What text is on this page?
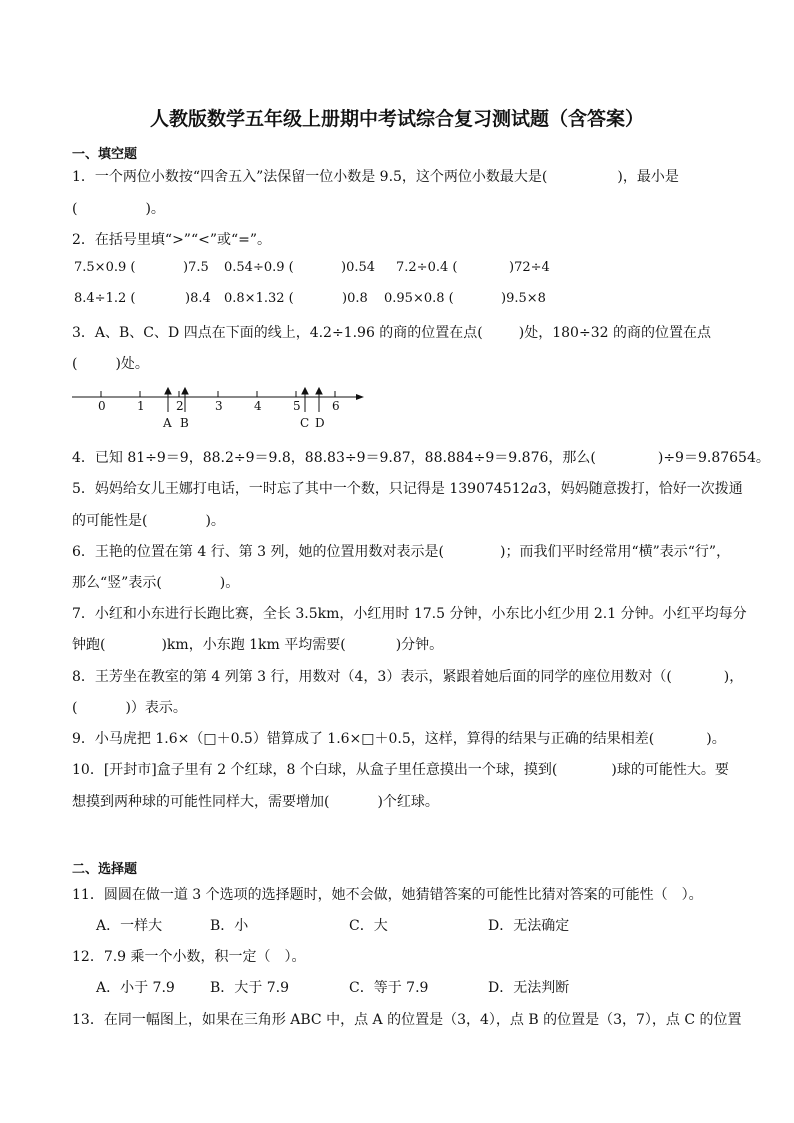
人教版数学五年级上册期中考试综合复习测试题（含答案）
一、填空题
1．一个两位小数按“四舍五入”法保留一位小数是 9.5，这个两位小数最大是(	)，最小是
(	)。
2．在括号里填“>”“<”或“=”。
7.5×0.9 (	)7.5 0.54÷0.9 (	)0.54 7.2÷0.4 (	)72÷4
8.4÷1.2 (	)8.4 0.8×1.32 (	)0.8 0.95×0.8 (	)9.5×8
3．A、B、C、D 四点在下面的线上，4.2÷1.96 的商的位置在点(	)处，180÷32 的商的位置在点
(	)处。
0	1	2	3	4	5	6
A B	C D
4．已知 81÷9＝9，88.2÷9＝9.8，88.83÷9＝9.87，88.884÷9＝9.876，那么(	)÷9＝9.87654。
5．妈妈给女儿王娜打电话，一时忘了其中一个数，只记得是 139074512a3，妈妈随意拨打，恰好一次拨通
的可能性是(	)。
6．王艳的位置在第 4 行、第 3 列，她的位置用数对表示是(	)；而我们平时经常用“横”表示“行”，
那么“竖”表示(	)。
7．小红和小东进行长跑比赛，全长 3.5km，小红用时 17.5 分钟，小东比小红少用 2.1 分钟。小红平均每分
钟跑(	)km，小东跑 1km 平均需要(	)分钟。
8．王芳坐在教室的第 4 列第 3 行，用数对（4，3）表示，紧跟着她后面的同学的座位用数对（(	)，
(	)）表示。
9．小马虎把 1.6×（□＋0.5）错算成了 1.6×□＋0.5，这样，算得的结果与正确的结果相差(	)。
10．[开封市]盒子里有 2 个红球，8 个白球，从盒子里任意摸出一个球，摸到(	)球的可能性大。要
想摸到两种球的可能性同样大，需要增加(	)个红球。
二、选择题
11．圆圆在做一道 3 个选项的选择题时，她不会做，她猜错答案的可能性比猜对答案的可能性（　）。
A．一样大	B．小	C．大	D．无法确定
12．7.9 乘一个小数，积一定（　）。
A．小于 7.9	B．大于 7.9	C．等于 7.9	D．无法判断
13．在同一幅图上，如果在三角形 ABC 中，点 A 的位置是（3，4），点 B 的位置是（3，7），点 C 的位置
